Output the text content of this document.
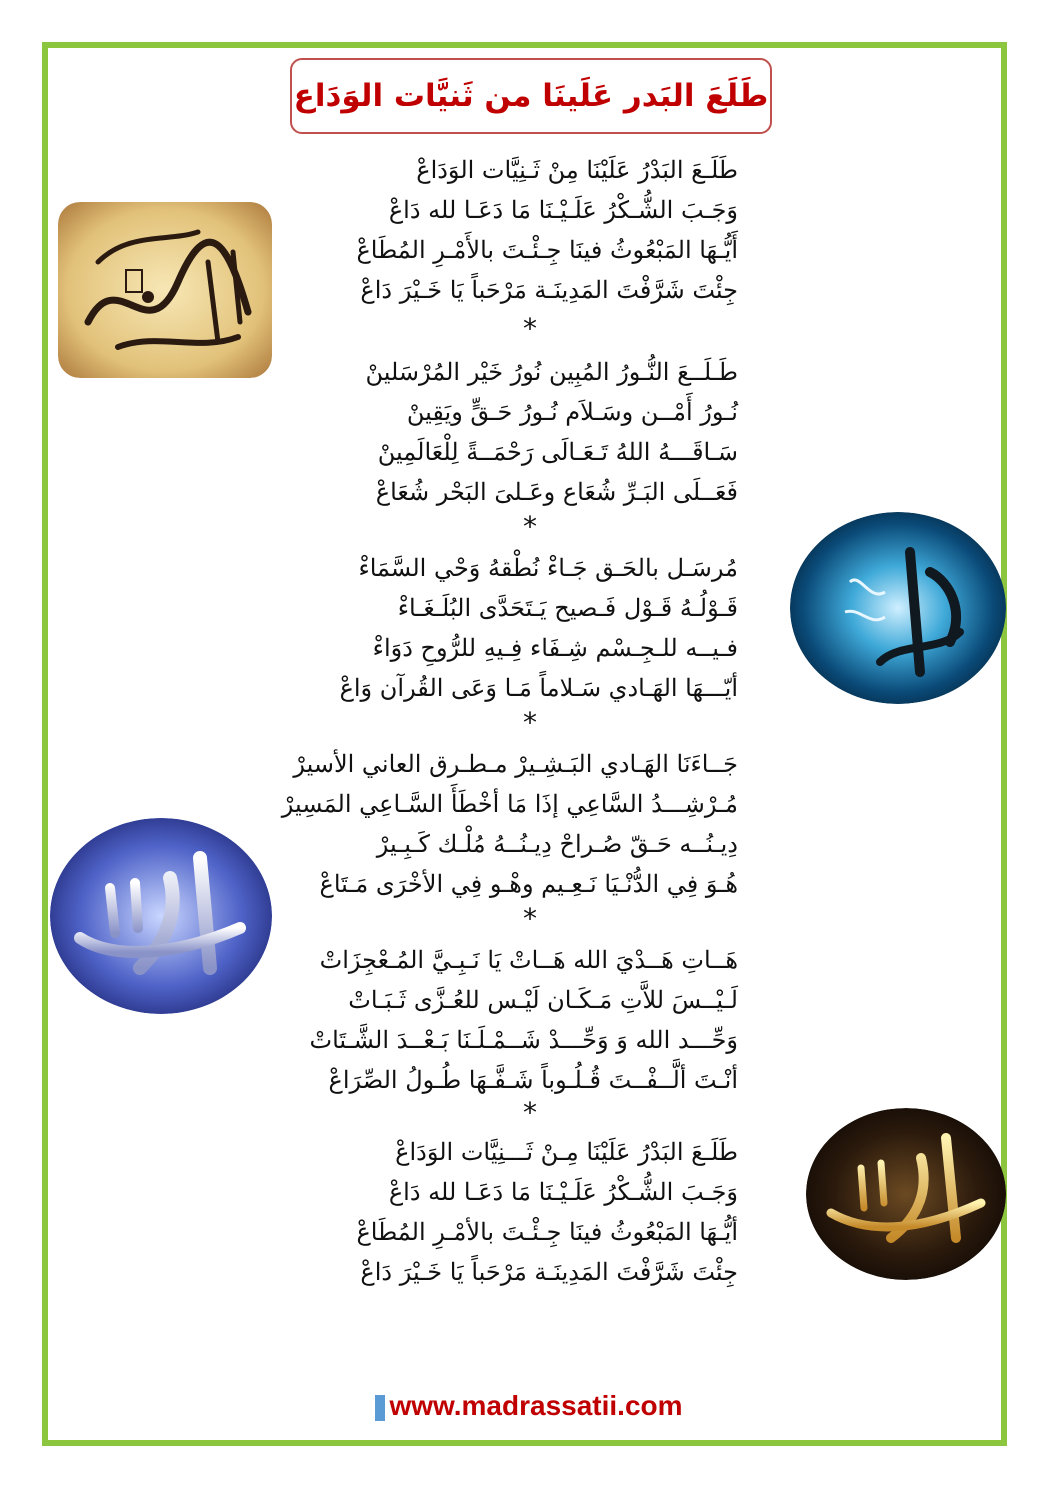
طَلَعَ البَدر عَلَينَا من ثَنيَّات الوَدَاع
طَلَـعَ البَدْرُ عَلَيْنَا مِنْ ثَـنِيَّات الوَدَاعْ
وَجَـبَ الشُّـكْرُ عَلَـيْـنَا مَا دَعَـا لله دَاعْ
أَيُّـهَا المَبْعُوثُ فينَا جِـئْـتَ بالأَمْـرِ المُطَاعْ
جِئْتَ شَرَّفْتَ المَدِينَـة مَرْحَباً يَا خَـيْرَ دَاعْ
*
طَـلَــعَ النُّـورُ المُبِين نُورُ خَيْر المُرْسَلينْ
نُـورُ أَمْــن وسَـلاَم نُـورُ حَـقٍّ ويَقِينْ
سَـاقَـــهُ اللهُ تَـعَـالَى رَحْمَــةً لِلْعَالَمِينْ
فَعَــلَى البَـرِّ شُعَاع وعَـلىَ البَحْر شُعَاعْ
*
مُرسَـل بالحَـق جَـاءْ نُطْقهُ وَحْي السَّمَاءْ
قَـوْلُـهُ قَـوْل فَـصيح يَـتَحَدَّى البُلَـغَـاءْ
فـيــه للـجِـسْم شِـفَاء فِـيهِ للرُّوحِ دَوَاءْ
أيّـــهَا الهَـادي سَـلاماً مَـا وَعَى القُرآن وَاعْ
*
جَــاءَنَا الهَـادي البَـشِـيرْ مـطـرق العاني الأسيرْ
مُـرْشِـــدُ السَّاعِي إذَا مَا أخْطَأَ السَّـاعِي المَسِيرْ
دِيـنُــه حَـقّ صُـراحْ دِيـنُــهُ مُلْـك كَـبِـيرْ
هُـوَ فِي الدُّنْـيَا نَـعِـيم وهْـو فِي الأخْرَى مَـتَاعْ
*
هَــاتِ هَــدْيَ الله هَــاتْ يَا نَـبِـيَّ المُـعْجِزَاتْ
لَـيْــسَ للاَّتِ مَـكَـان لَيْـس للعُـزَّى ثَـبَـاتْ
وَحِّـــد الله وَ وَحِّـــدْ شَــمْـلَـنَا بَـعْــدَ الشَّـتَاتْ
أنْـتَ ألَّــفْــتَ قُـلُـوباً شَـفَّـهَا طُـولُ الصِّرَاعْ
*
طَلَـعَ البَدْرُ عَلَيْنَا مِـنْ ثَـــنِيَّات الوَدَاعْ
وَجَـبَ الشُّـكْرُ عَلَـيْـنَا مَا دَعَـا لله دَاعْ
أيُّـهَا المَبْعُوثُ فينَا جِـئْـتَ بالأمْـرِ المُطَاعْ
جِئْتَ شَرَّفْتَ المَدِينَـة مَرْحَباً يَا خَـيْرَ دَاعْ
www.madrassatii.com
